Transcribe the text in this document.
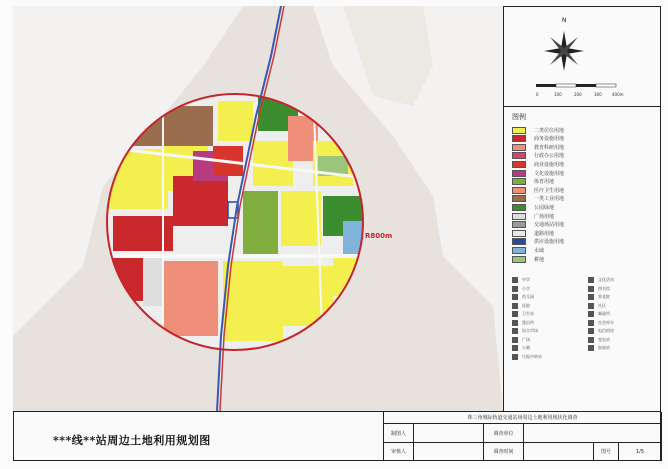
R800m
N
0	100	200	300	400m
图例
二类居住用地
商务设施用地
教育科研用地
行政办公用地
商业设施用地
文化设施用地
体育用地
医疗卫生用地
一类工业用地
公园绿地
广场用地
交通场站用地
道路用地
供应设施用地
水域
耕地
中学
小学
幼儿园
医院
卫生站
派出所
综合市场
广场
公厕
垃圾中转站
文化活动
图书馆
养老院
社区
邮政所
社会停车
电信机房
变电站
加油站
***线**站周边土地利用规划图
珠三角城际轨道交通站场周边土地利用现状化调查
制图人	调查单位
审核人	调查时间	图号	1/5
